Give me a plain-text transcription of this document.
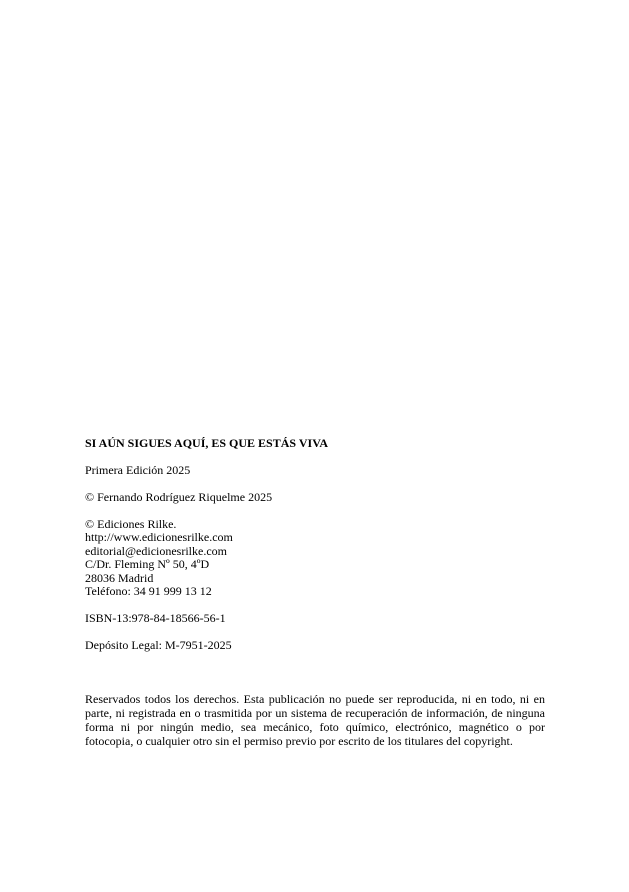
SI AÚN SIGUES AQUÍ, ES QUE ESTÁS VIVA

Primera Edición 2025

© Fernando Rodríguez Riquelme 2025

© Ediciones Rilke.
http://www.edicionesrilke.com
editorial@edicionesrilke.com
C/Dr. Fleming Nº 50, 4ºD
28036 Madrid
Teléfono: 34 91 999 13 12

ISBN-13:978-84-18566-56-1

Depósito Legal: M-7951-2025

Reservados todos los derechos. Esta publicación no puede ser reproducida, ni en todo, ni en parte, ni registrada en o trasmitida por un sistema de recuperación de información, de ninguna forma ni por ningún medio, sea mecánico, foto químico, electrónico, magnético o por fotocopia, o cualquier otro sin el permiso previo por escrito de los titulares del copyright.
